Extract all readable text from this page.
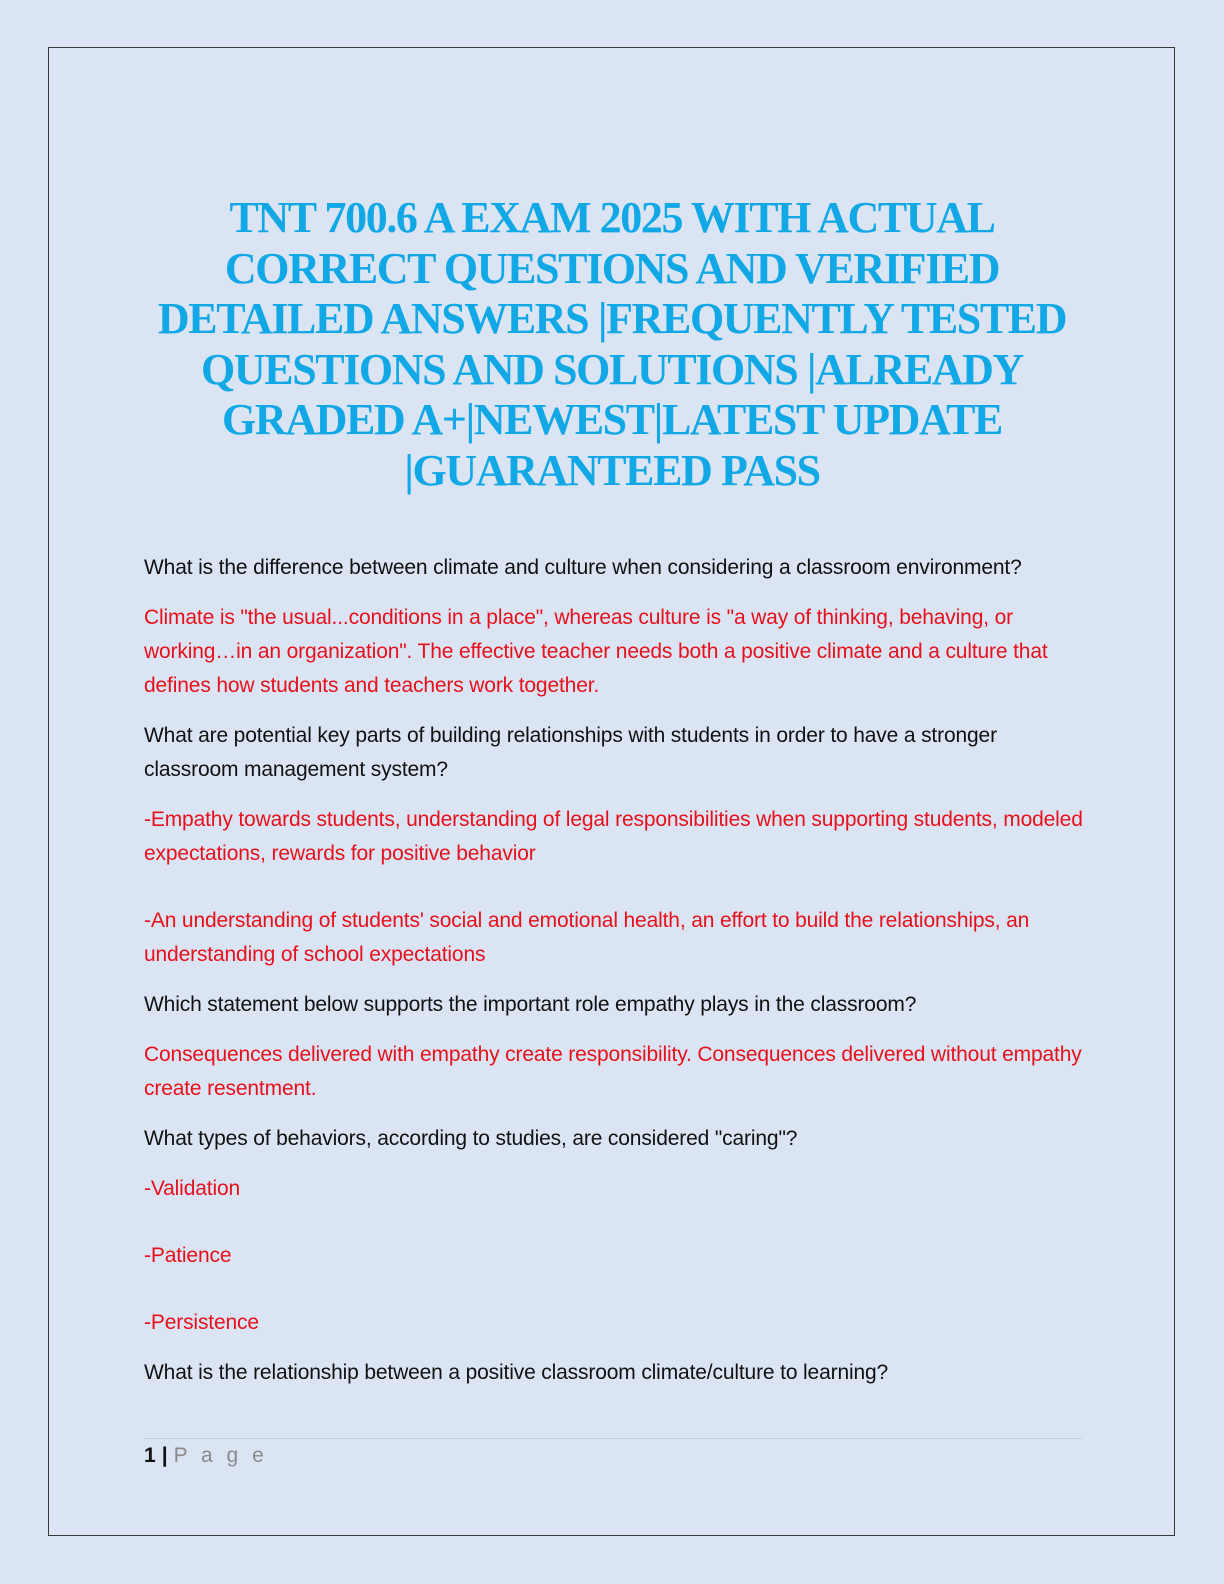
TNT 700.6 A EXAM 2025 WITH ACTUAL
CORRECT QUESTIONS AND VERIFIED
DETAILED ANSWERS |FREQUENTLY TESTED
QUESTIONS AND SOLUTIONS |ALREADY
GRADED A+|NEWEST|LATEST UPDATE
|GUARANTEED PASS

What is the difference between climate and culture when considering a classroom environment?

Climate is "the usual...conditions in a place", whereas culture is "a way of thinking, behaving, or working…in an organization". The effective teacher needs both a positive climate and a culture that defines how students and teachers work together.

What are potential key parts of building relationships with students in order to have a stronger classroom management system?

-Empathy towards students, understanding of legal responsibilities when supporting students, modeled expectations, rewards for positive behavior
-An understanding of students' social and emotional health, an effort to build the relationships, an understanding of school expectations

Which statement below supports the important role empathy plays in the classroom?

Consequences delivered with empathy create responsibility. Consequences delivered without empathy create resentment.

What types of behaviors, according to studies, are considered "caring"?

-Validation
-Patience
-Persistence

What is the relationship between a positive classroom climate/culture to learning?

1 | P a g e
